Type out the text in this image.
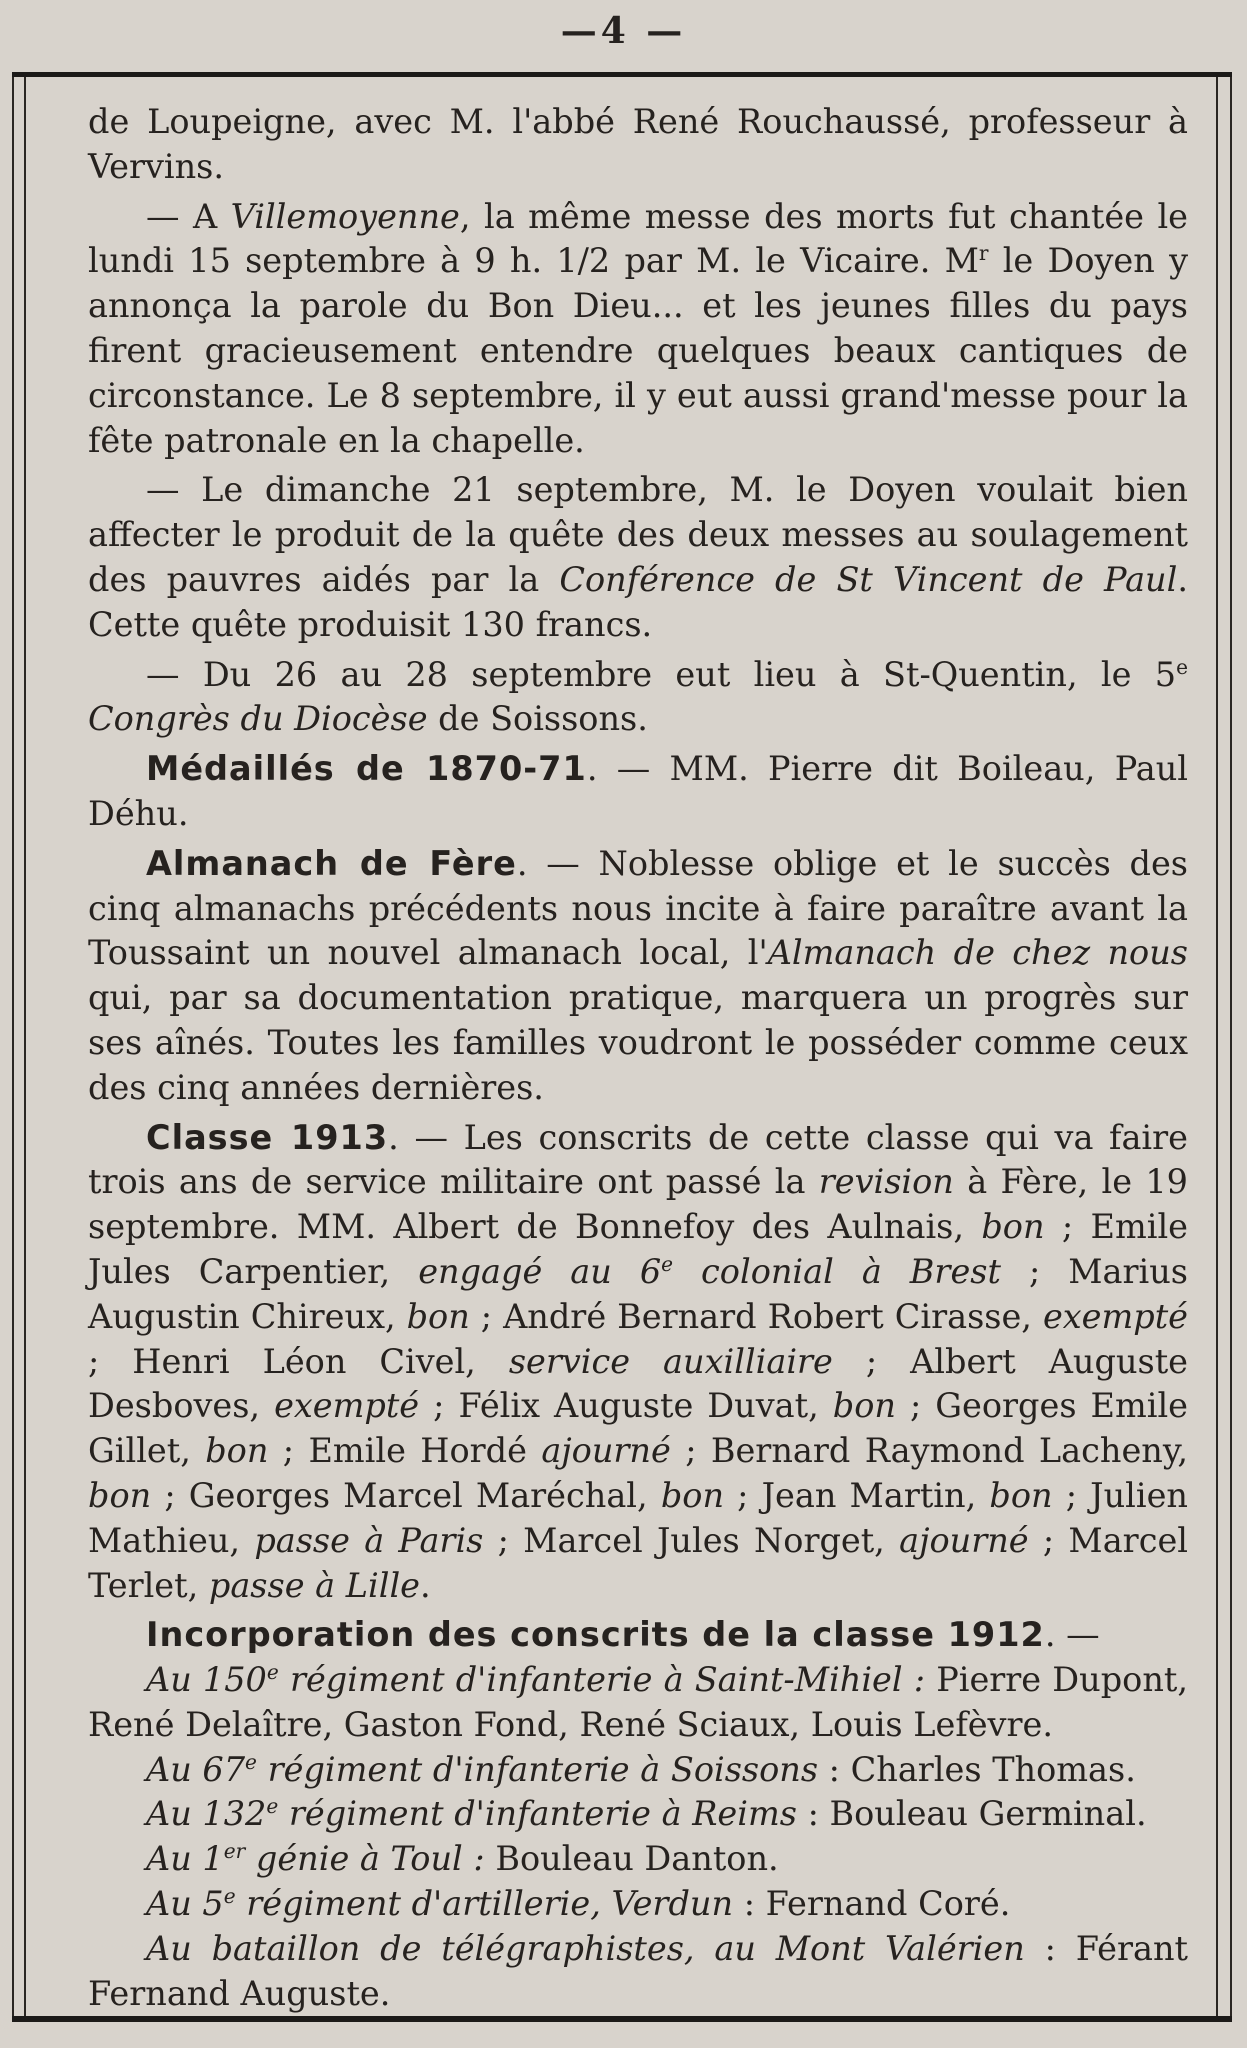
—4 —

de Loupeigne, avec M. l'abbé René Rouchaussé, professeur à Vervins.

— A Villemoyenne, la même messe des morts fut chantée le lundi 15 septembre à 9 h. 1/2 par M. le Vicaire. $M^r$ le Doyen y annonça la parole du Bon Dieu... et les jeunes filles du pays firent gracieusement entendre quelques beaux cantiques de circonstance. Le 8 septembre, il y eut aussi grand'messe pour la fête patronale en la chapelle.

— Le dimanche 21 septembre, M. le Doyen voulait bien affecter le produit de la quête des deux messes au soulagement des pauvres aidés par la Conférence de St Vincent de Paul. Cette quête produisit 130 francs.

— Du 26 au 28 septembre eut lieu à St-Quentin, le 5e Congrès du Diocèse de Soissons.

Médaillés de 1870-71. — MM. Pierre dit Boileau, Paul Déhu.

Almanach de Fère. — Noblesse oblige et le succès des cinq almanachs précédents nous incite à faire paraître avant la Toussaint un nouvel almanach local, l'Almanach de chez nous qui, par sa documentation pratique, marquera un progrès sur ses aînés. Toutes les familles voudront le posséder comme ceux des cinq années dernières.

Classe 1913. — Les conscrits de cette classe qui va faire trois ans de service militaire ont passé la revision à Fère, le 19 septembre. MM. Albert de Bonnefoy des Aulnais, bon ; Emile Jules Carpentier, engagé au 6e colonial à Brest ; Marius Augustin Chireux, bon ; André Bernard Robert Cirasse, exempté ; Henri Léon Civel, service auxilliaire ; Albert Auguste Desboves, exempté ; Félix Auguste Duvat, bon ; Georges Emile Gillet, bon ; Emile Hordé ajourné ; Bernard Raymond Lacheny, bon ; Georges Marcel Maréchal, bon ; Jean Martin, bon ; Julien Mathieu, passe à Paris ; Marcel Jules Norget, ajourné ; Marcel Terlet, passe à Lille.

Incorporation des conscrits de la classe 1912. —

Au 150e régiment d'infanterie à Saint-Mihiel : Pierre Dupont, René Delaître, Gaston Fond, René Sciaux, Louis Lefèvre.

Au 67e régiment d'infanterie à Soissons : Charles Thomas.

Au 132e régiment d'infanterie à Reims : Bouleau Germinal.

Au 1er génie à Toul : Bouleau Danton.

Au 5e régiment d'artillerie, Verdun : Fernand Coré.

Au bataillon de télégraphistes, au Mont Valérien : Férant Fernand Auguste.
